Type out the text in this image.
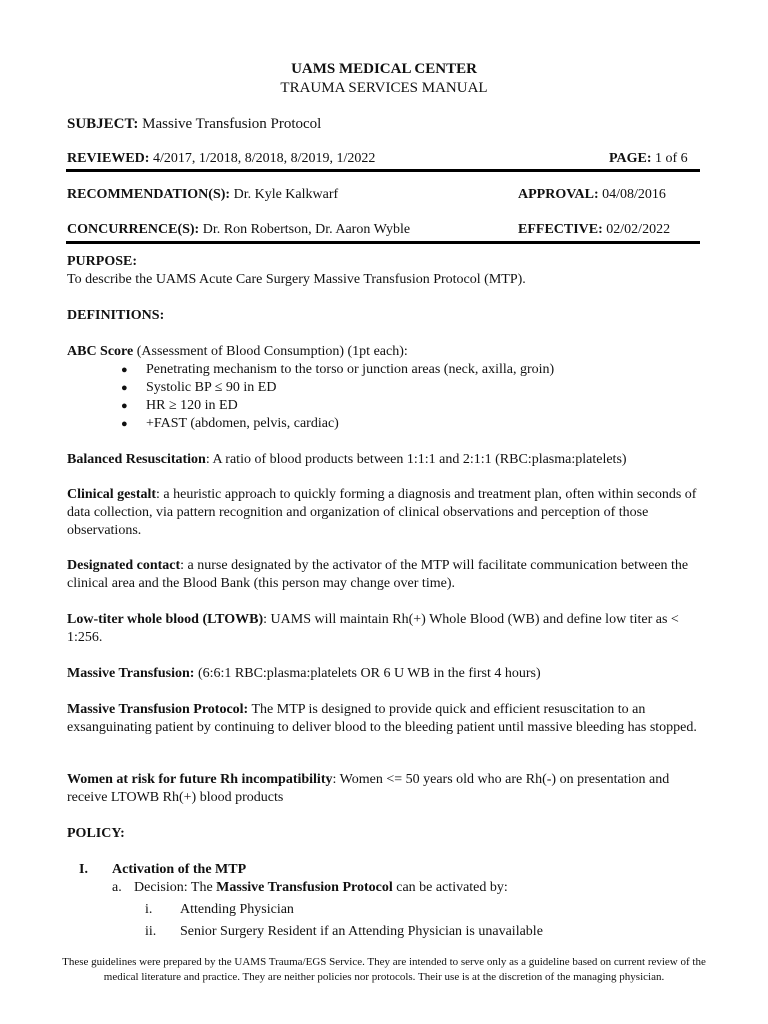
UAMS MEDICAL CENTER
TRAUMA SERVICES MANUAL
SUBJECT: Massive Transfusion Protocol
REVIEWED: 4/2017, 1/2018, 8/2018, 8/2019, 1/2022	PAGE: 1 of 6
RECOMMENDATION(S): Dr. Kyle Kalkwarf	APPROVAL: 04/08/2016
CONCURRENCE(S): Dr. Ron Robertson, Dr. Aaron Wyble	EFFECTIVE: 02/02/2022
PURPOSE:
To describe the UAMS Acute Care Surgery Massive Transfusion Protocol (MTP).
DEFINITIONS:
ABC Score (Assessment of Blood Consumption) (1pt each):
● Penetrating mechanism to the torso or junction areas (neck, axilla, groin)
● Systolic BP ≤ 90 in ED
● HR ≥ 120 in ED
● +FAST (abdomen, pelvis, cardiac)
Balanced Resuscitation: A ratio of blood products between 1:1:1 and 2:1:1 (RBC:plasma:platelets)
Clinical gestalt: a heuristic approach to quickly forming a diagnosis and treatment plan, often within seconds of data collection, via pattern recognition and organization of clinical observations and perception of those observations.
Designated contact: a nurse designated by the activator of the MTP will facilitate communication between the clinical area and the Blood Bank (this person may change over time).
Low-titer whole blood (LTOWB): UAMS will maintain Rh(+) Whole Blood (WB) and define low titer as < 1:256.
Massive Transfusion: (6:6:1 RBC:plasma:platelets OR 6 U WB in the first 4 hours)
Massive Transfusion Protocol: The MTP is designed to provide quick and efficient resuscitation to an exsanguinating patient by continuing to deliver blood to the bleeding patient until massive bleeding has stopped.
Women at risk for future Rh incompatibility: Women <= 50 years old who are Rh(-) on presentation and receive LTOWB Rh(+) blood products
POLICY:
I. Activation of the MTP
a. Decision: The Massive Transfusion Protocol can be activated by:
i. Attending Physician
ii. Senior Surgery Resident if an Attending Physician is unavailable
These guidelines were prepared by the UAMS Trauma/EGS Service. They are intended to serve only as a guideline based on current review of the medical literature and practice. They are neither policies nor protocols. Their use is at the discretion of the managing physician.
